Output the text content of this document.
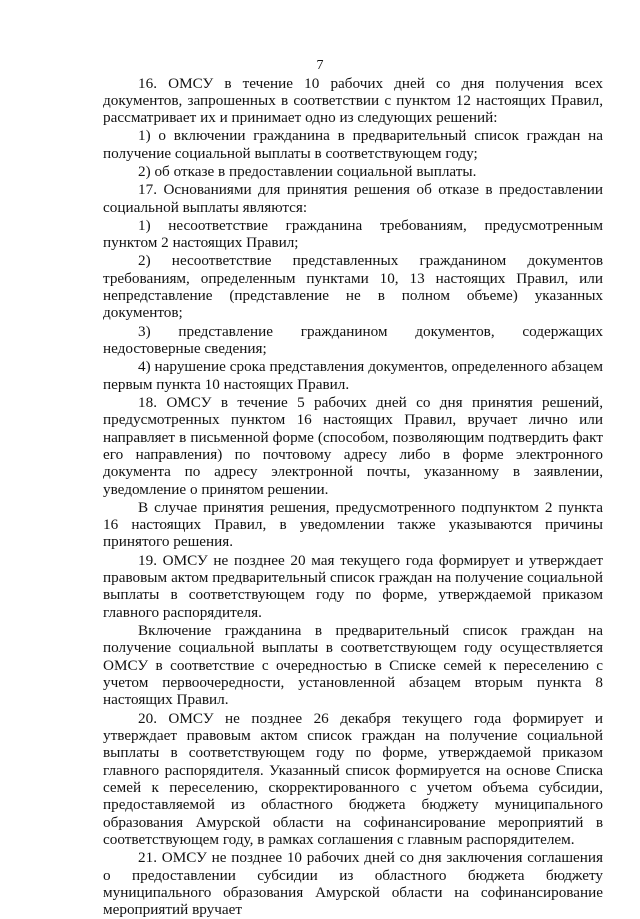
7

16. ОМСУ в течение 10 рабочих дней со дня получения всех документов, запрошенных в соответствии с пунктом 12 настоящих Правил, рассматривает их и принимает одно из следующих решений:

1) о включении гражданина в предварительный список граждан на получение социальной выплаты в соответствующем году;

2) об отказе в предоставлении социальной выплаты.

17. Основаниями для принятия решения об отказе в предоставлении социальной выплаты являются:

1) несоответствие гражданина требованиям, предусмотренным пунктом 2 настоящих Правил;

2) несоответствие представленных гражданином документов требованиям, определенным пунктами 10, 13 настоящих Правил, или непредставление (представление не в полном объеме) указанных документов;

3) представление гражданином документов, содержащих недостоверные сведения;

4) нарушение срока представления документов, определенного абзацем первым пункта 10 настоящих Правил.

18. ОМСУ в течение 5 рабочих дней со дня принятия решений, предусмотренных пунктом 16 настоящих Правил, вручает лично или направляет в письменной форме (способом, позволяющим подтвердить факт его направления) по почтовому адресу либо в форме электронного документа по адресу электронной почты, указанному в заявлении, уведомление о принятом решении.

В случае принятия решения, предусмотренного подпунктом 2 пункта 16 настоящих Правил, в уведомлении также указываются причины принятого решения.

19. ОМСУ не позднее 20 мая текущего года формирует и утверждает правовым актом предварительный список граждан на получение социальной выплаты в соответствующем году по форме, утверждаемой приказом главного распорядителя.

Включение гражданина в предварительный список граждан на получение социальной выплаты в соответствующем году осуществляется ОМСУ в соответствие с очередностью в Списке семей к переселению с учетом первоочередности, установленной абзацем вторым пункта 8 настоящих Правил.

20. ОМСУ не позднее 26 декабря текущего года формирует и утверждает правовым актом список граждан на получение социальной выплаты в соответствующем году по форме, утверждаемой приказом главного распорядителя. Указанный список формируется на основе Списка семей к переселению, скорректированного с учетом объема субсидии, предоставляемой из областного бюджета бюджету муниципального образования Амурской области на софинансирование мероприятий в соответствующем году, в рамках соглашения с главным распорядителем.

21. ОМСУ не позднее 10 рабочих дней со дня заключения соглашения о предоставлении субсидии из областного бюджета бюджету муниципального образования Амурской области на софинансирование мероприятий вручает
